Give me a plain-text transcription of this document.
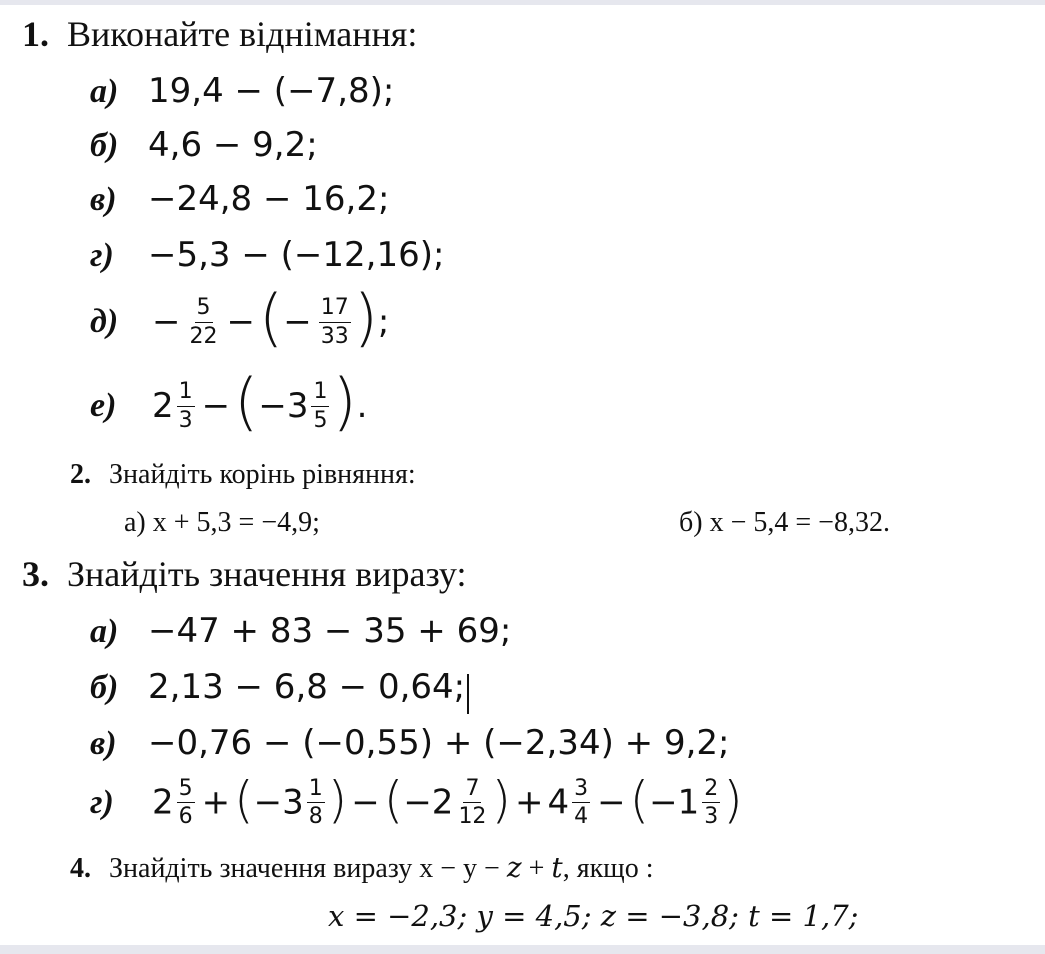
1. Виконайте віднімання:
а) 19,4 − (−7,8);
б) 4,6 − 9,2;
в) −24,8 − 16,2;
г) −5,3 − (−12,16);
$д) - \frac{5}{22}$ − (− $\frac{17}{33}$ );
е) $2 \frac{1}{3} - (-3 \frac{1}{5}$ ).
2. Знайдіть корінь рівняння:
а) x + 5,3 = −4,9;	б) x − 5,4 = −8,32.
3. Знайдіть значення виразу:
а) −47 + 83 − 35 + 69;
б) 2,13 − 6,8 − 0,64;
в) −0,76 − (−0,55) + (−2,34) + 9,2;
г) $2 \frac{5}{6} + (-3 \frac{1}{8}$ ) − ($-2 \frac{7}{12}$ ) + $4 \frac{3}{4} - (-1 \frac{2}{3}$ )
4. Знайдіть значення виразу x − y − z + t, якщо :
x = −2,3; y = 4,5; z = −3,8; t = 1,7;
